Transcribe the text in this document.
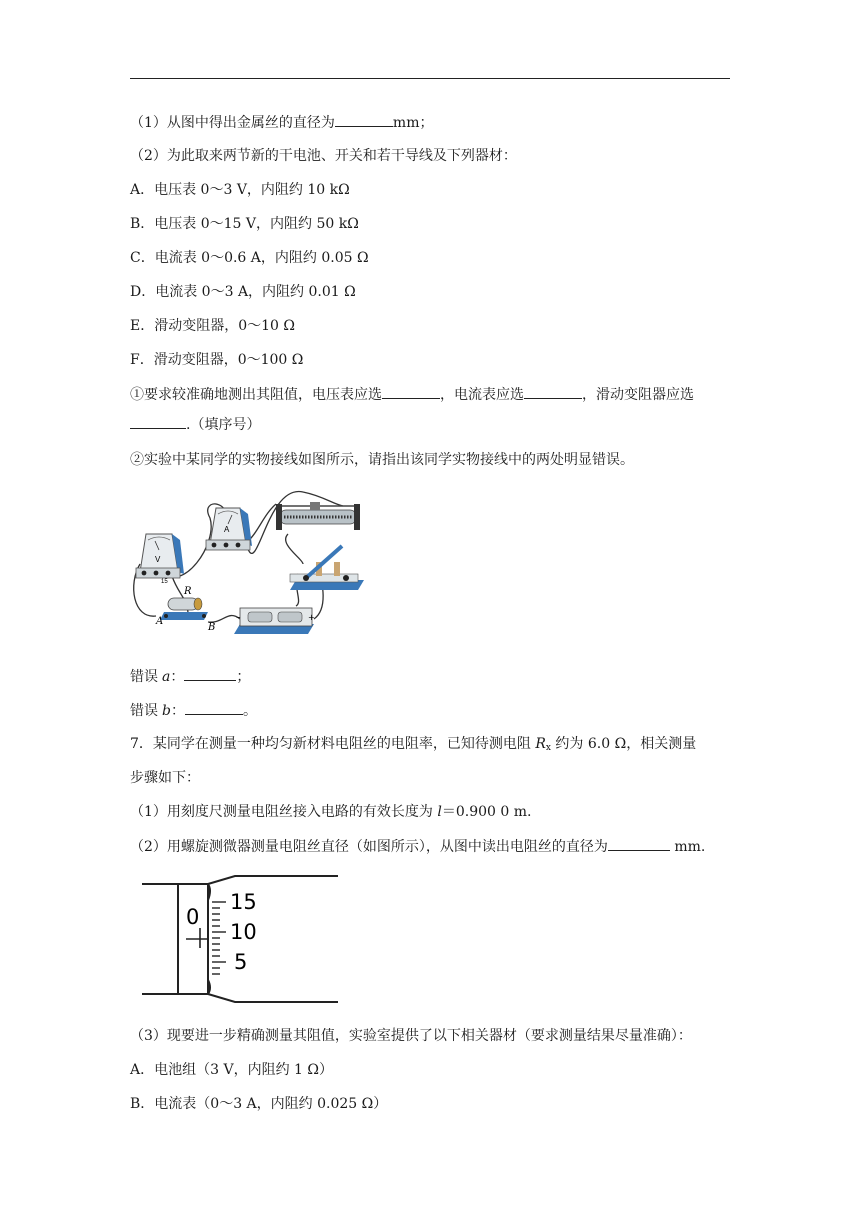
（1）从图中得出金属丝的直径为	mm；
（2）为此取来两节新的干电池、开关和若干导线及下列器材：
A．电压表 0～3 V，内阻约 10 kΩ
B．电压表 0～15 V，内阻约 50 kΩ
C．电流表 0～0.6 A，内阻约 0.05 Ω
D．电流表 0～3 A，内阻约 0.01 Ω
E．滑动变阻器，0～10 Ω
F．滑动变阻器，0～100 Ω
①要求较准确地测出其阻值，电压表应选	，电流表应选	，滑动变阻器应选
.（填序号）
②实验中某同学的实物接线如图所示，请指出该同学实物接线中的两处明显错误。
V
15
A
R
A
B
–	+
错误 a：	；
错误 b：	。
7．某同学在测量一种均匀新材料电阻丝的电阻率，已知待测电阻 $R_x$ 约为 6.0 Ω，相关测量
步骤如下：
（1）用刻度尺测量电阻丝接入电路的有效长度为 l＝0.900 0 m.
（2）用螺旋测微器测量电阻丝直径（如图所示），从图中读出电阻丝的直径为	mm.
0
15
10
5
（3）现要进一步精确测量其阻值，实验室提供了以下相关器材（要求测量结果尽量准确）：
A．电池组（3 V，内阻约 1 Ω）
B．电流表（0～3 A，内阻约 0.025 Ω）
